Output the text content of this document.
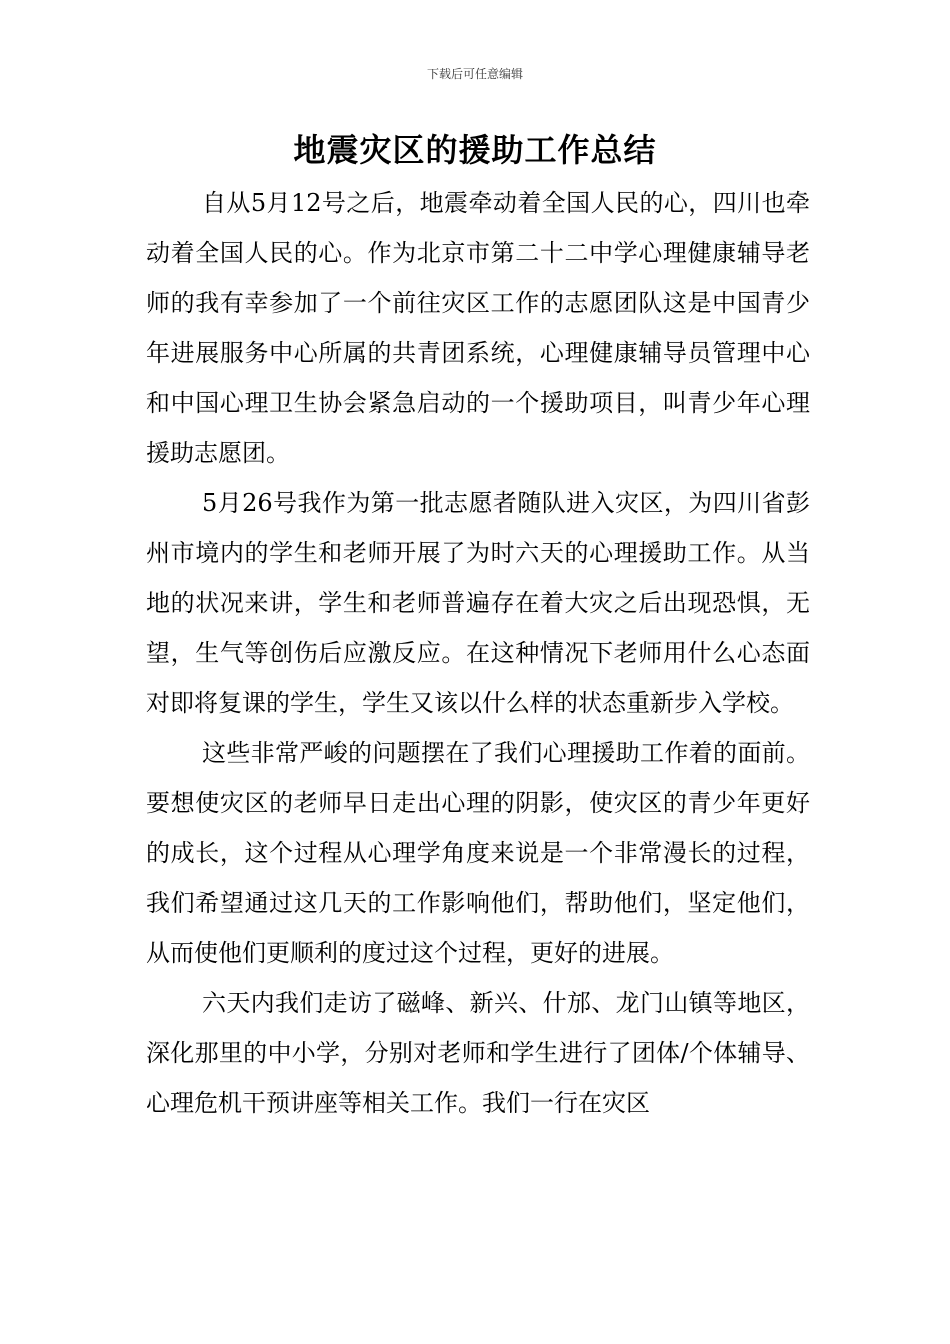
下载后可任意编辑
地震灾区的援助工作总结

自从5月12号之后，地震牵动着全国人民的心，四川也牵动着全国人民的心。作为北京市第二十二中学心理健康辅导老师的我有幸参加了一个前往灾区工作的志愿团队这是中国青少年进展服务中心所属的共青团系统，心理健康辅导员管理中心和中国心理卫生协会紧急启动的一个援助项目，叫青少年心理援助志愿团。

5月26号我作为第一批志愿者随队进入灾区，为四川省彭州市境内的学生和老师开展了为时六天的心理援助工作。从当地的状况来讲，学生和老师普遍存在着大灾之后出现恐惧，无望，生气等创伤后应激反应。在这种情况下老师用什么心态面对即将复课的学生，学生又该以什么样的状态重新步入学校。

这些非常严峻的问题摆在了我们心理援助工作着的面前。要想使灾区的老师早日走出心理的阴影，使灾区的青少年更好的成长，这个过程从心理学角度来说是一个非常漫长的过程，我们希望通过这几天的工作影响他们，帮助他们，坚定他们，从而使他们更顺利的度过这个过程，更好的进展。

六天内我们走访了磁峰、新兴、什邡、龙门山镇等地区，深化那里的中小学，分别对老师和学生进行了团体/个体辅导、心理危机干预讲座等相关工作。我们一行在灾区
